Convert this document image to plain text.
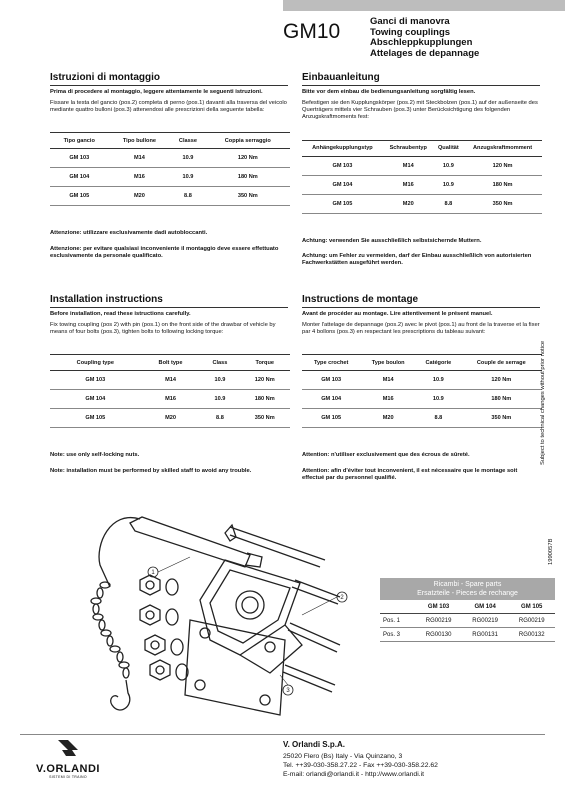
GM10	Ganci di manovra
Towing couplings
Abschleppkupplungen
Attelages de depannage
Istruzioni di montaggio

Prima di procedere al montaggio, leggere attentamente le seguenti istruzioni.

Fissare la testa del gancio (pos.2) completa di perno (pos.1) davanti alla traversa del veicolo mediante quattro bulloni (pos.3) attenendosi alle prescrizioni della seguente tabella:

Tipo gancio	Tipo bullone	Classe	Coppia serraggio
GM 103	M14	10.9	120 Nm
GM 104	M16	10.9	180 Nm
GM 105	M20	8.8	350 Nm

Attenzione: utilizzare esclusivamente dadi autobloccanti.

Attenzione: per evitare qualsiasi inconveniente il montaggio deve essere effettuato esclusivamente da personale qualificato.

Einbauanleitung

Bitte vor dem einbau die bedienungsanleitung sorgfältig lesen.

Befestigen sie den Kupplungskörper (pos.2) mit Steckbolzen (pos.1) auf der außenseite des Querträgers mittels vier Schrauben (pos.3) unter Berücksichtigung des folgenden Anzugskraftmoments fest:

Anhängekupplungstyp	Schraubentyp	Qualität	Anzugskraftmomment
GM 103	M14	10.9	120 Nm
GM 104	M16	10.9	180 Nm
GM 105	M20	8.8	350 Nm

Achtung: verwenden Sie ausschließlich selbstsichernde Muttern.

Achtung: um Fehler zu vermeiden, darf der Einbau ausschließlich von autorisierten Fachwerkstätten ausgeführt werden.

Installation instructions

Before installation, read these istructions carefully.

Fix towing coupling (pos 2) with pin (pos.1) on the front side of the drawbar of vehicle by means of four bolts (pos.3), tighten bolts to following locking torque:

Coupling type	Bolt type	Class	Torque
GM 103	M14	10.9	120 Nm
GM 104	M16	10.9	180 Nm
GM 105	M20	8.8	350 Nm

Note: use only self-locking nuts.

Note: installation must be performed by skilled staff to avoid any trouble.

Instructions de montage

Avant de procéder au montage. Lire attentivement le présent manuel.

Monter l'attelage de depannage (pos.2) avec le pivot (pos.1) au front de la traverse et la fixer par 4 bollons (pos.3) en respectant les prescriptions du tableau suivant:

Type crochet	Type boulon	Catégorie	Couple de serrage
GM 103	M14	10.9	120 Nm
GM 104	M16	10.9	180 Nm
GM 105	M20	8.8	350 Nm

Attention: n'utiliser exclusivement que des écrous de sûreté.

Attention: afin d'éviter tout inconvenient, il est nécessaire que le montage soit effectué par du personnel qualifié.

Subject to technical changes without prior notice
1990057B
1
2
3
Ricambi - Spare parts
Ersatzteile - Pieces de rechange
	GM 103	GM 104	GM 105
Pos. 1	RG00219	RG00219	RG00219
Pos. 3	RG00130	RG00131	RG00132
V.ORLANDI
SISTEMI DI TRAINO
V. Orlandi S.p.A.
25020 Flero (Bs) Italy - Via Quinzano, 3
Tel. ++39-030-358.27.22 - Fax ++39-030-358.22.62
E-mail: orlandi@orlandi.it - http://www.orlandi.it
